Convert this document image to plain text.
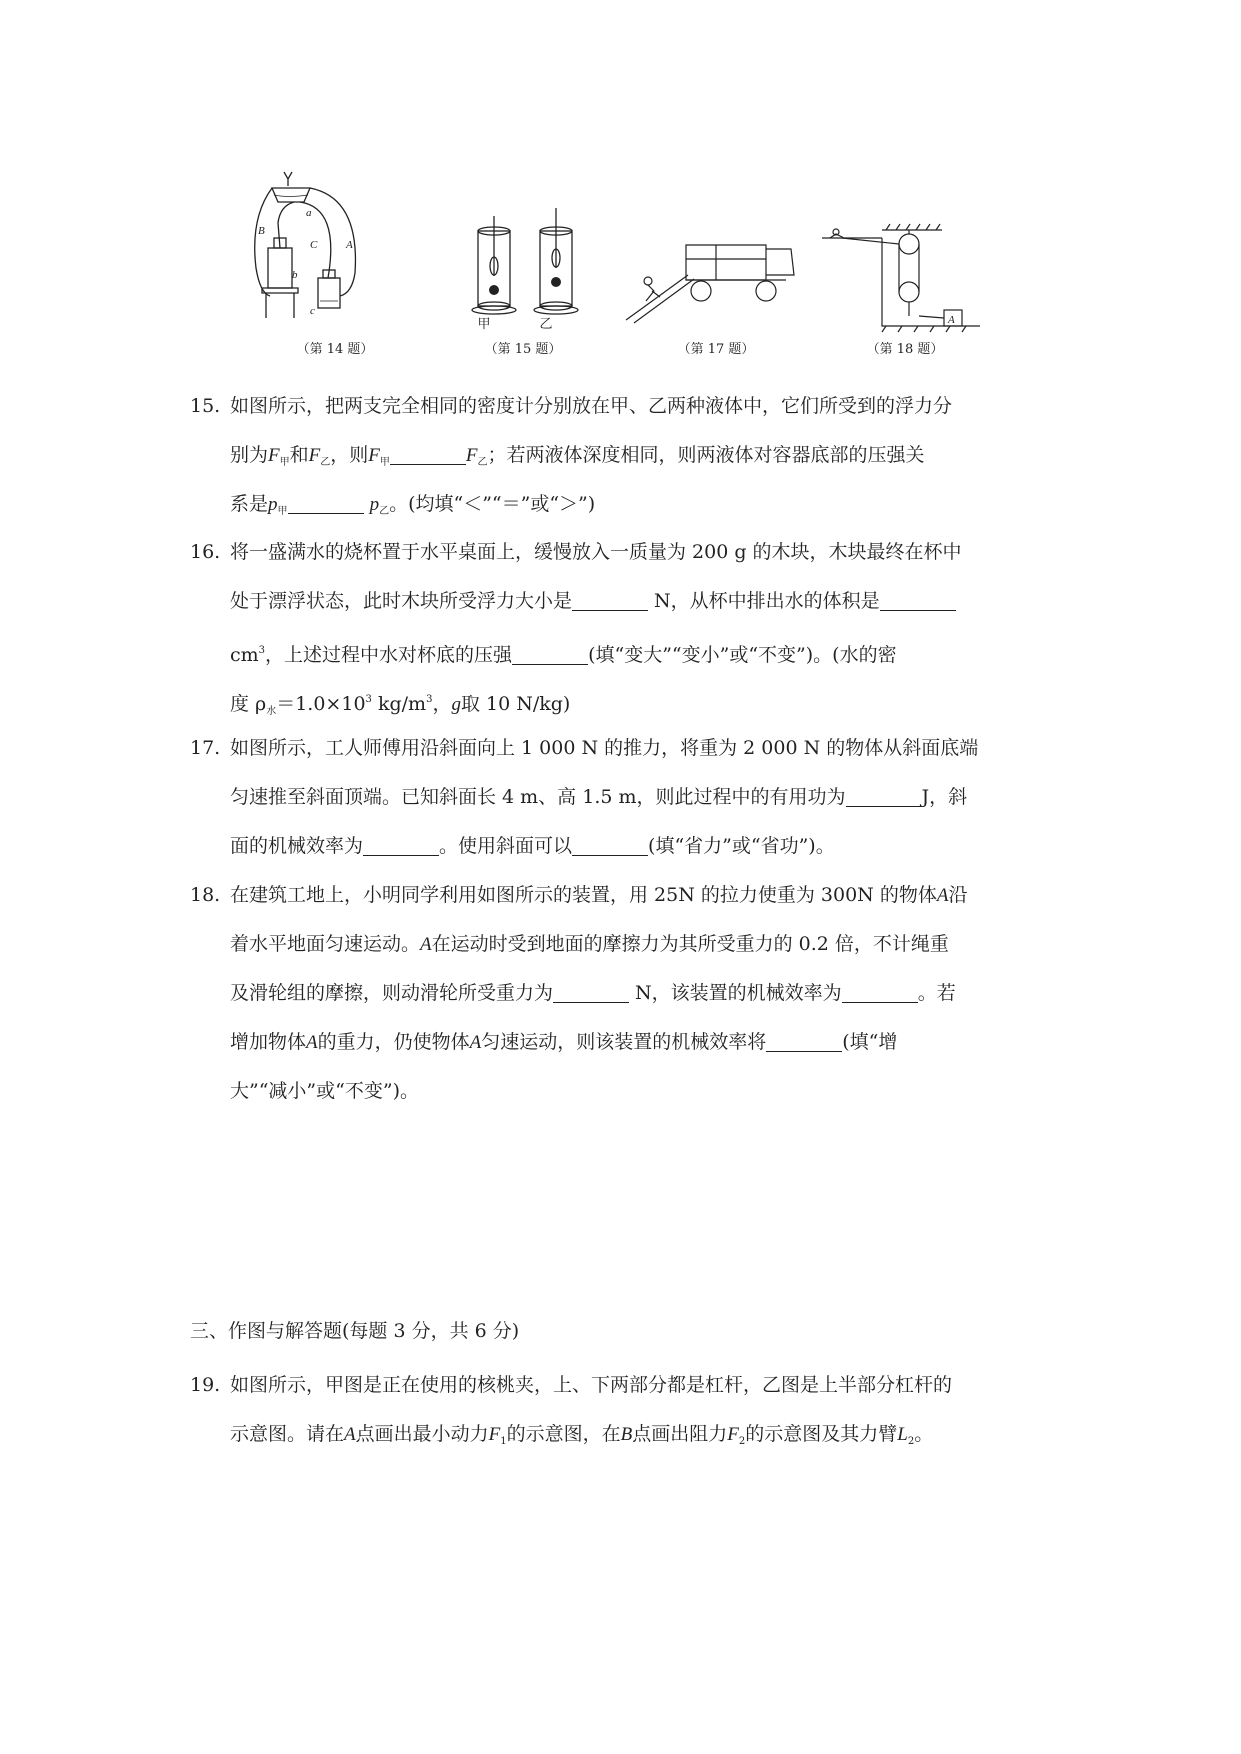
a
B
C	A
b
c
（第 14 题）
甲	乙
（第 15 题）	（第 17 题）
A
（第 18 题）
15. 如图所示，把两支完全相同的密度计分别放在甲、乙两种液体中，它们所受到的浮力分
别为$F_甲$和$F_乙$，则$F_甲$	$F_乙$；若两液体深度相同，则两液体对容器底部的压强关
系是$p_甲$	$p_乙$。(均填“＜”“＝”或“＞”)
16. 将一盛满水的烧杯置于水平桌面上，缓慢放入一质量为 200 g 的木块，木块最终在杯中
处于漂浮状态，此时木块所受浮力大小是	N，从杯中排出水的体积是
$cm^3$，上述过程中水对杯底的压强	(填“变大”“变小”或“不变”)。(水的密
度 $\rho_水=1.0\times 10^3$ $kg/m^3$，g取 10 N/kg)
17. 如图所示，工人师傅用沿斜面向上 1 000 N 的推力，将重为 2 000 N 的物体从斜面底端
匀速推至斜面顶端。已知斜面长 4 m、高 1.5 m，则此过程中的有用功为	J，斜
面的机械效率为	。使用斜面可以	(填“省力”或“省功”)。
18. 在建筑工地上，小明同学利用如图所示的装置，用 25N 的拉力使重为 300N 的物体A沿
着水平地面匀速运动。A在运动时受到地面的摩擦力为其所受重力的 0.2 倍，不计绳重
及滑轮组的摩擦，则动滑轮所受重力为	N，该装置的机械效率为	。若
增加物体A的重力，仍使物体A匀速运动，则该装置的机械效率将	(填“增
大”“减小”或“不变”)。
三、作图与解答题(每题 3 分，共 6 分)
19. 如图所示，甲图是正在使用的核桃夹，上、下两部分都是杠杆，乙图是上半部分杠杆的
示意图。请在A点画出最小动力$F_1$的示意图，在B点画出阻力$F_2$的示意图及其力臂$L_2$。
